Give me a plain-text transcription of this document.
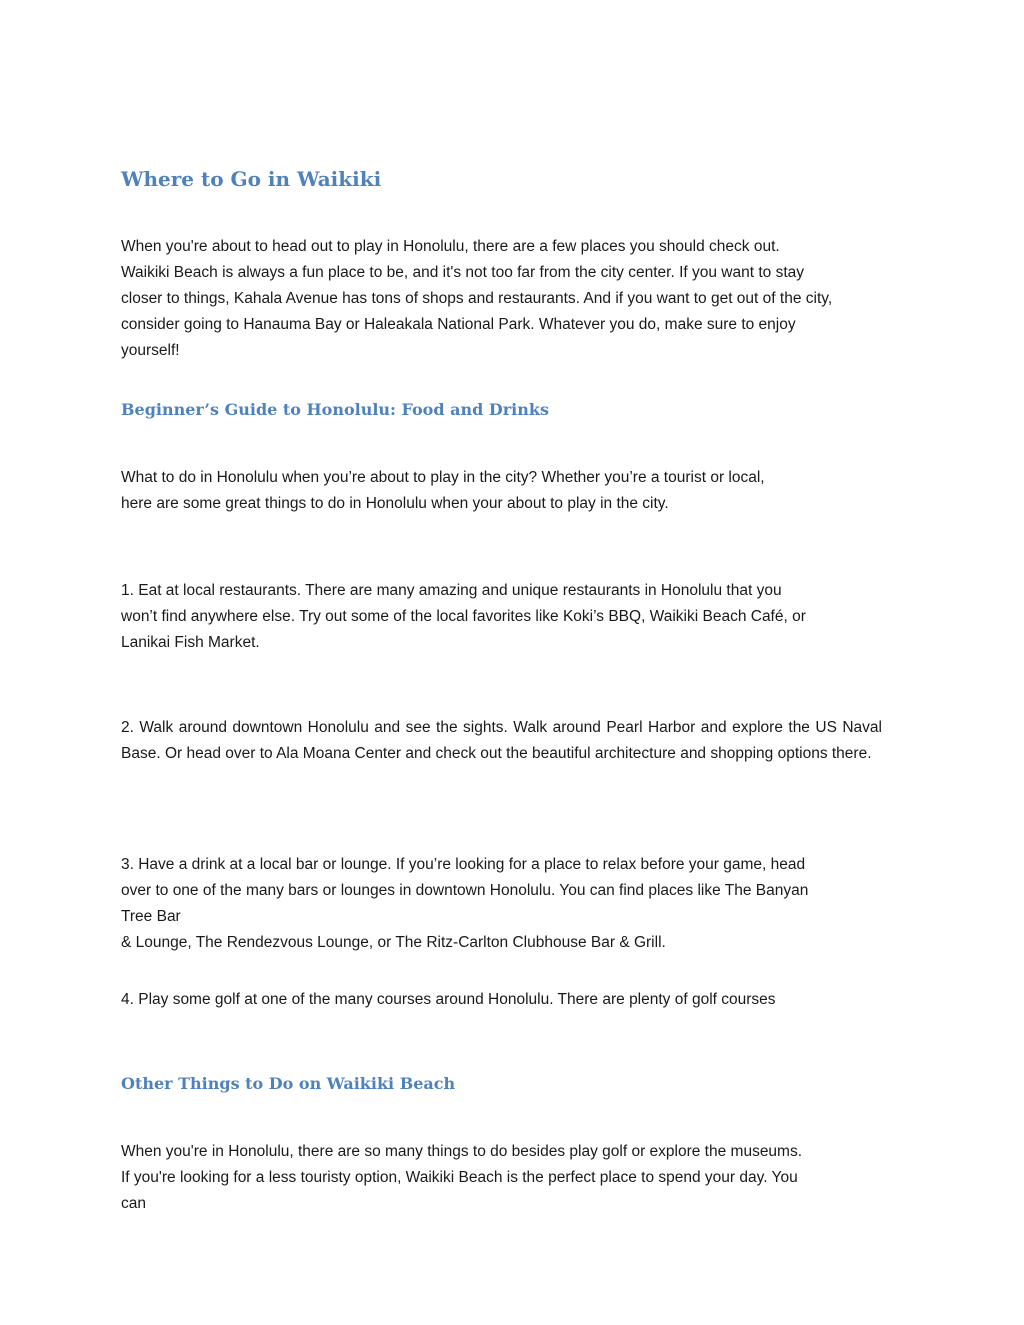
Where to Go in Waikiki

When you're about to head out to play in Honolulu, there are a few places you should check out.
Waikiki Beach is always a fun place to be, and it's not too far from the city center. If you want to stay
closer to things, Kahala Avenue has tons of shops and restaurants. And if you want to get out of the city,
consider going to Hanauma Bay or Haleakala National Park. Whatever you do, make sure to enjoy
yourself!

Beginner’s Guide to Honolulu: Food and Drinks

What to do in Honolulu when you’re about to play in the city? Whether you’re a tourist or local,
here are some great things to do in Honolulu when your about to play in the city.

1. Eat at local restaurants. There are many amazing and unique restaurants in Honolulu that you
won’t find anywhere else. Try out some of the local favorites like Koki’s BBQ, Waikiki Beach Café, or
Lanikai Fish Market.

2. Walk around downtown Honolulu and see the sights. Walk around Pearl Harbor and explore the US Naval Base. Or head over to Ala Moana Center and check out the beautiful architecture and shopping options there.

3. Have a drink at a local bar or lounge. If you’re looking for a place to relax before your game, head
over to one of the many bars or lounges in downtown Honolulu. You can find places like The Banyan
Tree Bar
& Lounge, The Rendezvous Lounge, or The Ritz-Carlton Clubhouse Bar & Grill.

4. Play some golf at one of the many courses around Honolulu. There are plenty of golf courses

Other Things to Do on Waikiki Beach

When you're in Honolulu, there are so many things to do besides play golf or explore the museums.
If you're looking for a less touristy option, Waikiki Beach is the perfect place to spend your day. You
can
